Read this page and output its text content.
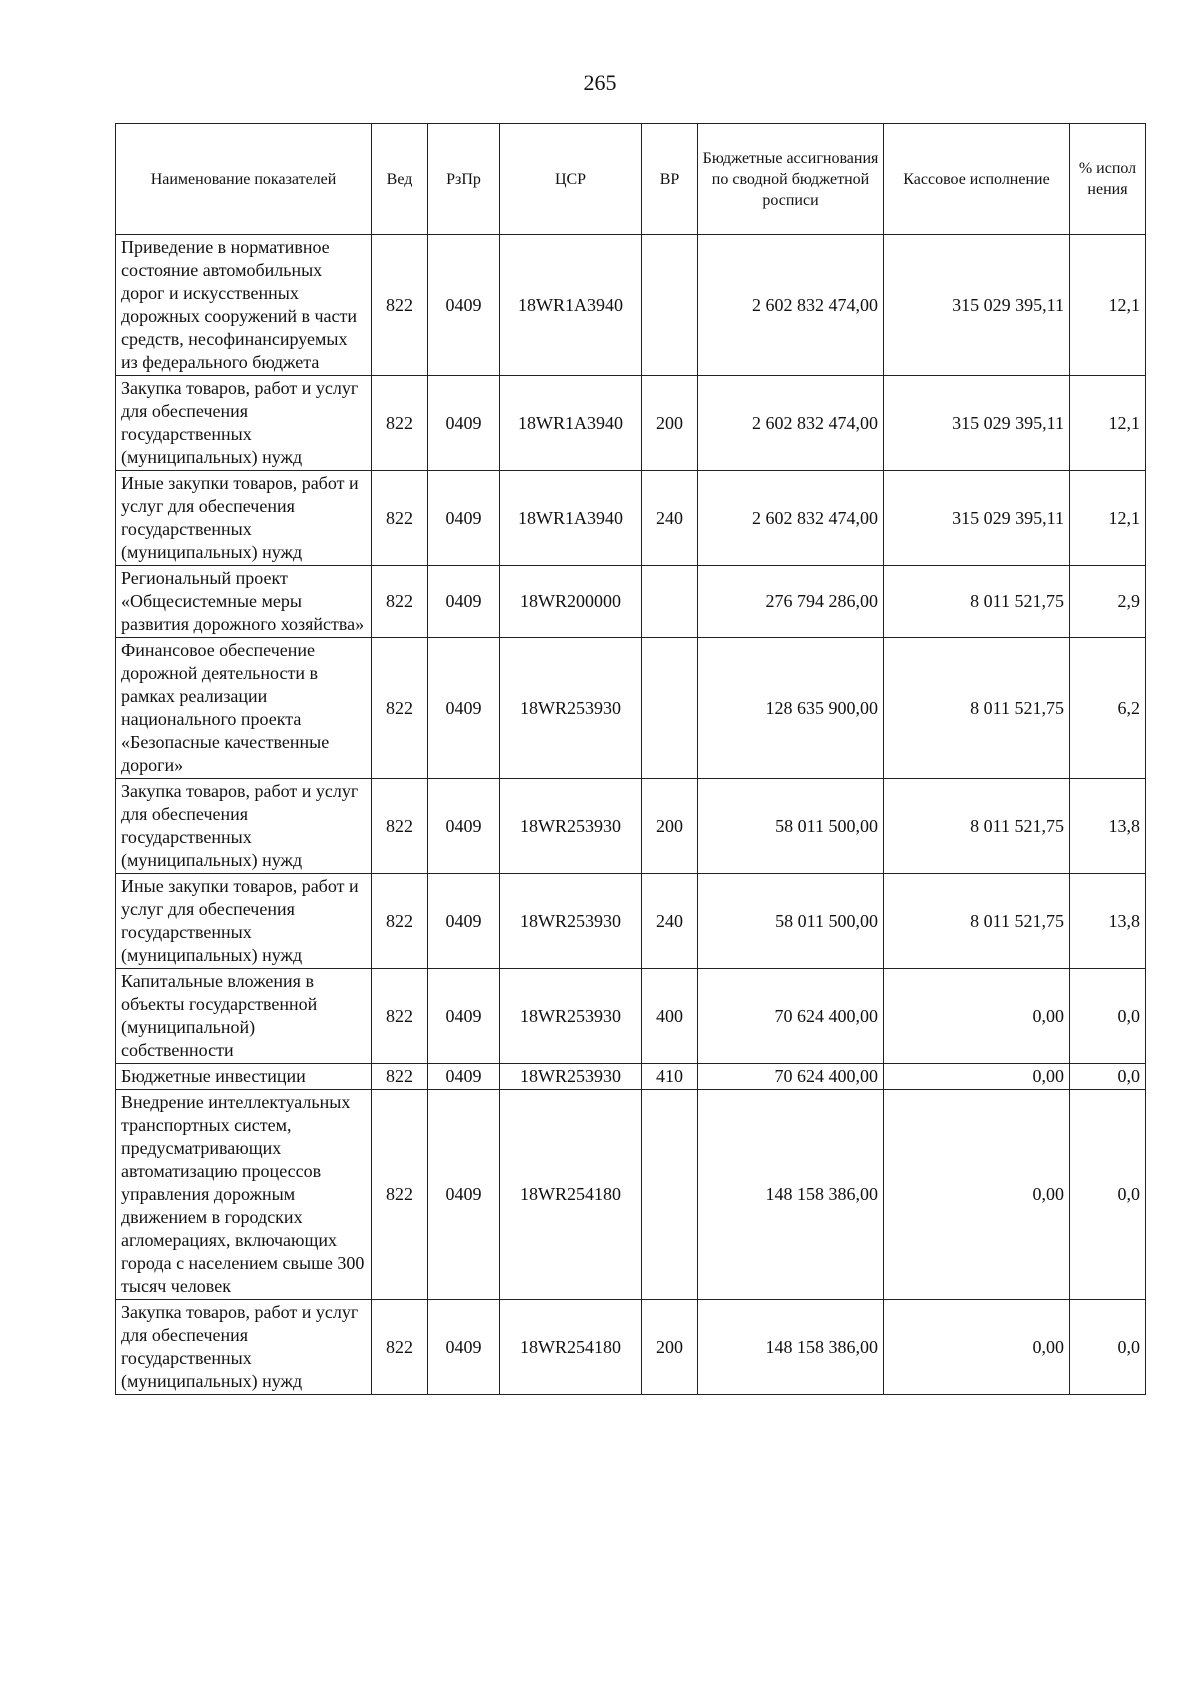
265
Наименование показателей	Вед	РзПр	ЦСР	ВР	Бюджетные ассигнования по сводной бюджетной росписи	Кассовое исполнение	% испол нения
Приведение в нормативное состояние автомобильных дорог и искусственных дорожных сооружений в части средств, несофинансируемых из федерального бюджета	822	0409	18WR1A3940		2 602 832 474,00	315 029 395,11	12,1
Закупка товаров, работ и услуг для обеспечения государственных (муниципальных) нужд	822	0409	18WR1A3940	200	2 602 832 474,00	315 029 395,11	12,1
Иные закупки товаров, работ и услуг для обеспечения государственных (муниципальных) нужд	822	0409	18WR1A3940	240	2 602 832 474,00	315 029 395,11	12,1
Региональный проект «Общесистемные меры развития дорожного хозяйства»	822	0409	18WR200000		276 794 286,00	8 011 521,75	2,9
Финансовое обеспечение дорожной деятельности в рамках реализации национального проекта «Безопасные качественные дороги»	822	0409	18WR253930		128 635 900,00	8 011 521,75	6,2
Закупка товаров, работ и услуг для обеспечения государственных (муниципальных) нужд	822	0409	18WR253930	200	58 011 500,00	8 011 521,75	13,8
Иные закупки товаров, работ и услуг для обеспечения государственных (муниципальных) нужд	822	0409	18WR253930	240	58 011 500,00	8 011 521,75	13,8
Капитальные вложения в объекты государственной (муниципальной) собственности	822	0409	18WR253930	400	70 624 400,00	0,00	0,0
Бюджетные инвестиции	822	0409	18WR253930	410	70 624 400,00	0,00	0,0
Внедрение интеллектуальных транспортных систем, предусматривающих автоматизацию процессов управления дорожным движением в городских агломерациях, включающих города с населением свыше 300 тысяч человек	822	0409	18WR254180		148 158 386,00	0,00	0,0
Закупка товаров, работ и услуг для обеспечения государственных (муниципальных) нужд	822	0409	18WR254180	200	148 158 386,00	0,00	0,0
